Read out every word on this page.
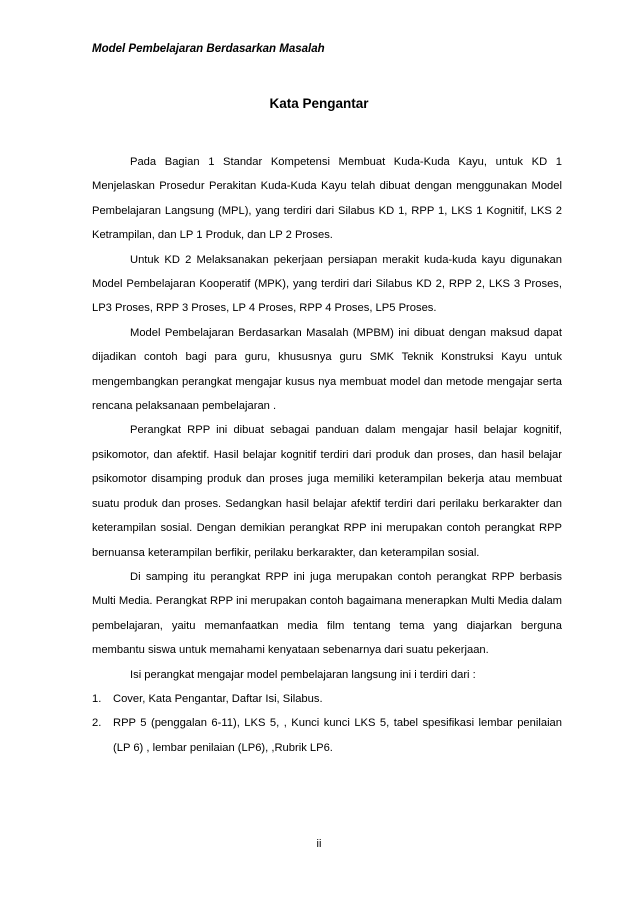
Model Pembelajaran Berdasarkan Masalah
Kata Pengantar

Pada Bagian 1 Standar Kompetensi Membuat Kuda-Kuda Kayu, untuk KD 1 Menjelaskan Prosedur Perakitan Kuda-Kuda Kayu telah dibuat dengan menggunakan Model Pembelajaran Langsung (MPL), yang terdiri dari Silabus KD 1, RPP 1, LKS 1 Kognitif, LKS 2 Ketrampilan, dan LP 1 Produk, dan LP 2 Proses.

Untuk KD 2 Melaksanakan pekerjaan persiapan merakit kuda-kuda kayu digunakan Model Pembelajaran Kooperatif (MPK), yang terdiri dari Silabus KD 2, RPP 2, LKS 3 Proses, LP3 Proses, RPP 3 Proses, LP 4 Proses, RPP 4 Proses, LP5 Proses.

Model Pembelajaran Berdasarkan Masalah (MPBM) ini dibuat dengan maksud dapat dijadikan contoh bagi para guru, khususnya guru SMK Teknik Konstruksi Kayu untuk mengembangkan perangkat mengajar kusus nya membuat model dan metode mengajar serta rencana pelaksanaan pembelajaran .

Perangkat RPP ini dibuat sebagai panduan dalam mengajar hasil belajar kognitif, psikomotor, dan afektif. Hasil belajar kognitif terdiri dari produk dan proses, dan hasil belajar psikomotor disamping produk dan proses juga memiliki keterampilan bekerja atau membuat suatu produk dan proses. Sedangkan hasil belajar afektif terdiri dari perilaku berkarakter dan keterampilan sosial. Dengan demikian perangkat RPP ini merupakan contoh perangkat RPP bernuansa keterampilan berfikir, perilaku berkarakter, dan keterampilan sosial.

Di samping itu perangkat RPP ini juga merupakan contoh perangkat RPP berbasis Multi Media. Perangkat RPP ini merupakan contoh bagaimana menerapkan Multi Media dalam pembelajaran, yaitu memanfaatkan media film tentang tema yang diajarkan berguna membantu siswa untuk memahami kenyataan sebenarnya dari suatu pekerjaan.

Isi perangkat mengajar model pembelajaran langsung ini i terdiri dari :

1. Cover, Kata Pengantar, Daftar Isi, Silabus.
2. RPP 5 (penggalan 6-11), LKS 5, , Kunci kunci LKS 5, tabel spesifikasi lembar penilaian (LP 6) , lembar penilaian (LP6), ,Rubrik LP6.
ii
